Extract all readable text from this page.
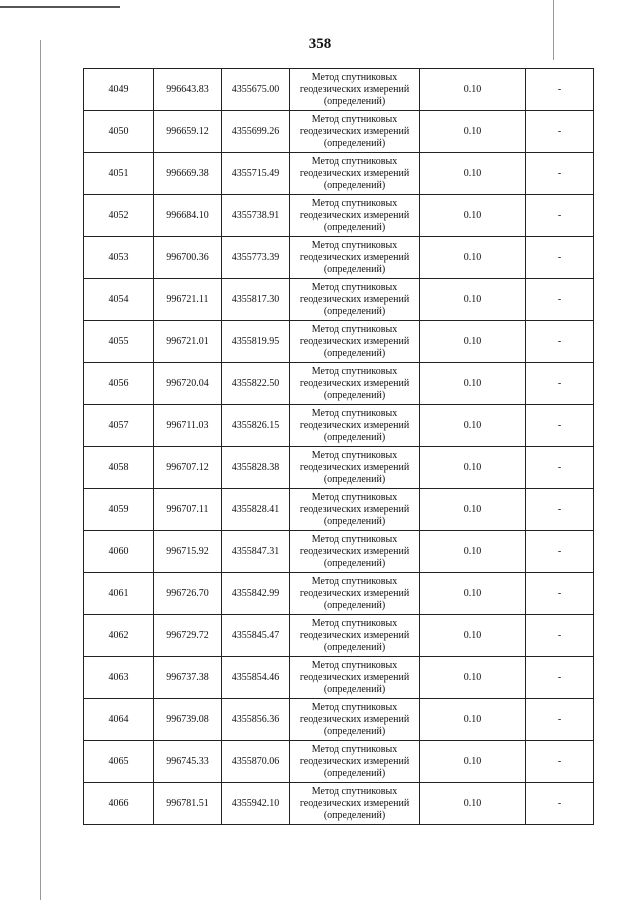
358
4049	996643.83	4355675.00	Метод спутниковых
геодезических измерений
(определений)	0.10	-
4050	996659.12	4355699.26	Метод спутниковых
геодезических измерений
(определений)	0.10	-
4051	996669.38	4355715.49	Метод спутниковых
геодезических измерений
(определений)	0.10	-
4052	996684.10	4355738.91	Метод спутниковых
геодезических измерений
(определений)	0.10	-
4053	996700.36	4355773.39	Метод спутниковых
геодезических измерений
(определений)	0.10	-
4054	996721.11	4355817.30	Метод спутниковых
геодезических измерений
(определений)	0.10	-
4055	996721.01	4355819.95	Метод спутниковых
геодезических измерений
(определений)	0.10	-
4056	996720.04	4355822.50	Метод спутниковых
геодезических измерений
(определений)	0.10	-
4057	996711.03	4355826.15	Метод спутниковых
геодезических измерений
(определений)	0.10	-
4058	996707.12	4355828.38	Метод спутниковых
геодезических измерений
(определений)	0.10	-
4059	996707.11	4355828.41	Метод спутниковых
геодезических измерений
(определений)	0.10	-
4060	996715.92	4355847.31	Метод спутниковых
геодезических измерений
(определений)	0.10	-
4061	996726.70	4355842.99	Метод спутниковых
геодезических измерений
(определений)	0.10	-
4062	996729.72	4355845.47	Метод спутниковых
геодезических измерений
(определений)	0.10	-
4063	996737.38	4355854.46	Метод спутниковых
геодезических измерений
(определений)	0.10	-
4064	996739.08	4355856.36	Метод спутниковых
геодезических измерений
(определений)	0.10	-
4065	996745.33	4355870.06	Метод спутниковых
геодезических измерений
(определений)	0.10	-
4066	996781.51	4355942.10	Метод спутниковых
геодезических измерений
(определений)	0.10	-
